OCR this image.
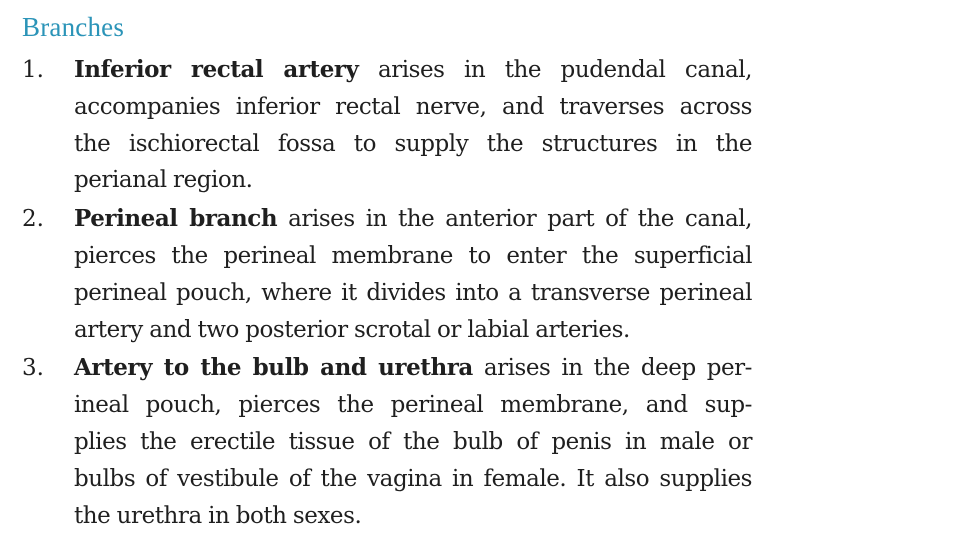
Branches
1. Inferior rectal artery arises in the pudendal canal,
accompanies inferior rectal nerve, and traverses across
the ischiorectal fossa to supply the structures in the
perianal region.
2. Perineal branch arises in the anterior part of the canal,
pierces the perineal membrane to enter the superficial
perineal pouch, where it divides into a transverse perineal
artery and two posterior scrotal or labial arteries.
3. Artery to the bulb and urethra arises in the deep per-
ineal pouch, pierces the perineal membrane, and sup-
plies the erectile tissue of the bulb of penis in male or
bulbs of vestibule of the vagina in female. It also supplies
the urethra in both sexes.
